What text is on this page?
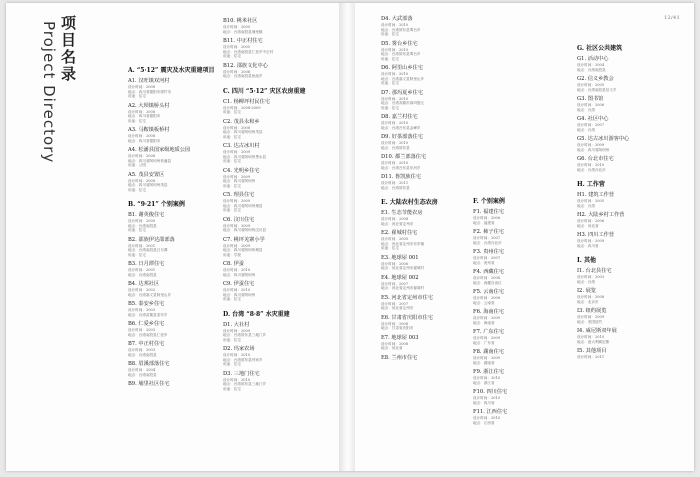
12/41
项目名录
Project Directory	A. “5·12” 震灾及水灾重建项目
A1. 汉旺镇双河村
设计时间：2008
地点：四川省德阳市绵竹市
用途：住宅
A2. 大坝镇桥头村
设计时间：2008
地点：四川省德阳市
用途：住宅
A3. 马鞍镇板桥村
设计时间：2008
地点：四川省德阳市
A4. 松潘县国家级地质公园
设计时间：2008
地点：四川省阿坝州松潘县
用途：公园
A5. 茂县安置区
设计时间：2008
地点：四川省阿坝州茂县
用途：住宅
B. “9·21” 个别案例
B1. 谢英俊住宅
设计时间：2000
地点：台湾南投县
用途：住宅
B2. 邵族伊达邵部落
设计时间：2001
地点：台湾南投县日月潭
用途：住宅
B3. 日月潭住宅
设计时间：2001
地点：台湾南投县
B4. 达邦社区
设计时间：2002
地点：台湾嘉义县阿里山乡
B5. 泰安乡住宅
设计时间：2003
地点：台湾苗栗县泰安乡
B6. 仁爱乡住宅
设计时间：2003
地点：台湾南投县仁爱乡
B7. 中正村住宅
设计时间：2003
地点：台湾南投县
B8. 眉溪部落住宅
设计时间：2004
地点：台湾南投县
B9. 埔里社区住宅
B10. 桃米社区
设计时间：2005
地点：台湾南投县埔里镇
B11. 中正村住宅
设计时间：2005
地点：台湾南投县仁爱乡中正村
用途：住宅
B12. 邵族文化中心
设计时间：2006
地点：台湾南投县鱼池乡
C. 四川 “5·12” 灾区农房重建
C1. 杨柳坪村民住宅
设计时间：2008-2009
用途：住宅
C2. 茂县永和乡
设计时间：2008
地点：四川省阿坝州茂县
用途：住宅
C3. 达古冰川村
设计时间：2009
地点：四川省阿坝州黑水县
用途：住宅
C4. 光明乡住宅
设计时间：2009
地点：四川省阿坝州
用途：住宅
C5. 理县住宅
设计时间：2009
地点：四川省阿坝州理县
用途：住宅
C6. 汶川住宅
设计时间：2009
地点：四川省阿坝州汶川县
C7. 桃坪羌寨小学
设计时间：2009
地点：四川省阿坝州理县
用途：学校
C8. 伊蚕
设计时间：2010
地点：四川省阿坝州
C9. 伊蚕住宅
设计时间：2010
地点：四川省阿坝州
用途：住宅
D. 台湾 “8·8” 水灾重建
D1. 大社村
设计时间：2009
地点：台湾屏东县三地门乡
用途：住宅
D2. 玛家农场
设计时间：2010
地点：台湾屏东县玛家乡
用途：住宅
D3. 三地门住宅
设计时间：2010
地点：台湾屏东县三地门乡
用途：住宅
D4. 大武部落
设计时间：2010
地点：台湾屏东县雾台乡
用途：住宅
D5. 雾台乡住宅
设计时间：2010
地点：台湾屏东县雾台乡
用途：住宅
D6. 阿里山乡住宅
设计时间：2010
地点：台湾嘉义县阿里山乡
用途：住宅
D7. 那玛夏乡住宅
设计时间：2010
地点：台湾高雄市那玛夏区
用途：住宅
D8. 嘉兰村住宅
设计时间：2010
地点：台湾台东县金峰乡
D9. 好茶部落住宅
设计时间：2010
地点：台湾屏东县
D10. 都兰部落住宅
设计时间：2010
地点：台湾台东县东河乡
D11. 鲁凯族住宅
设计时间：2011
地点：台湾屏东县
E. 大陆农村生态农房
E1. 生态节能农房
设计时间：2008
地点：河北省定州市
E2. 翟城村住宅
设计时间：2005
地点：河北省定州市东亭镇
用途：住宅
E3. 地球屋 001
设计时间：2006
地点：河北省定州市翟城村
E4. 地球屋 002
设计时间：2007
地点：河北省定州市翟城村
E5. 河北省定州市住宅
设计时间：2007
地点：河北省定州市
E6. 甘肃省庆阳市住宅
设计时间：2008
地点：甘肃省庆阳市
E7. 地球屋 003
设计时间：2008
地点：河北省
E8. 兰州市住宅
F. 个别案例
F1. 福建住宅
设计时间：2006
地点：福建省
F2. 柿子住宅
设计时间：2007
地点：台湾台北市
F3. 贵州住宅
设计时间：2007
地点：贵州省
F4. 西藏住宅
设计时间：2008
地点：西藏自治区
F5. 云南住宅
设计时间：2008
地点：云南省
F6. 海南住宅
设计时间：2009
地点：海南省
F7. 广东住宅
设计时间：2009
地点：广东省
F8. 湖南住宅
设计时间：2009
地点：湖南省
F9. 浙江住宅
设计时间：2010
地点：浙江省
F10. 四川住宅
设计时间：2010
地点：四川省
F11. 江西住宅
设计时间：2010
地点：江西省
G. 社区公共建筑
G1. 活动中心
设计时间：2004
地点：台湾南投县
G2. 信义乡教会
设计时间：2005
地点：台湾南投县信义乡
G3. 图书馆
设计时间：2006
地点：台湾
G4. 社区中心
设计时间：2007
地点：台湾
G5. 达古冰川游客中心
设计时间：2009
地点：四川省阿坝州
G6. 台北市住宅
设计时间：2010
地点：台湾台北市
H. 工作营
H1. 建筑工作营
设计时间：2005
地点：台湾
H2. 大陆乡村工作营
设计时间：2006
地点：河北省
H3. 四川工作营
设计时间：2009
地点：四川省
I. 其他
I1. 台北县住宅
设计时间：2003
地点：台湾
I2. 展览
设计时间：2008
地点：北京市
I3. 纽约展览
设计时间：2009
地点：美国纽约
I4. 威尼斯双年展
设计时间：2010
地点：意大利威尼斯
I5. 其他项目
设计时间：2011
